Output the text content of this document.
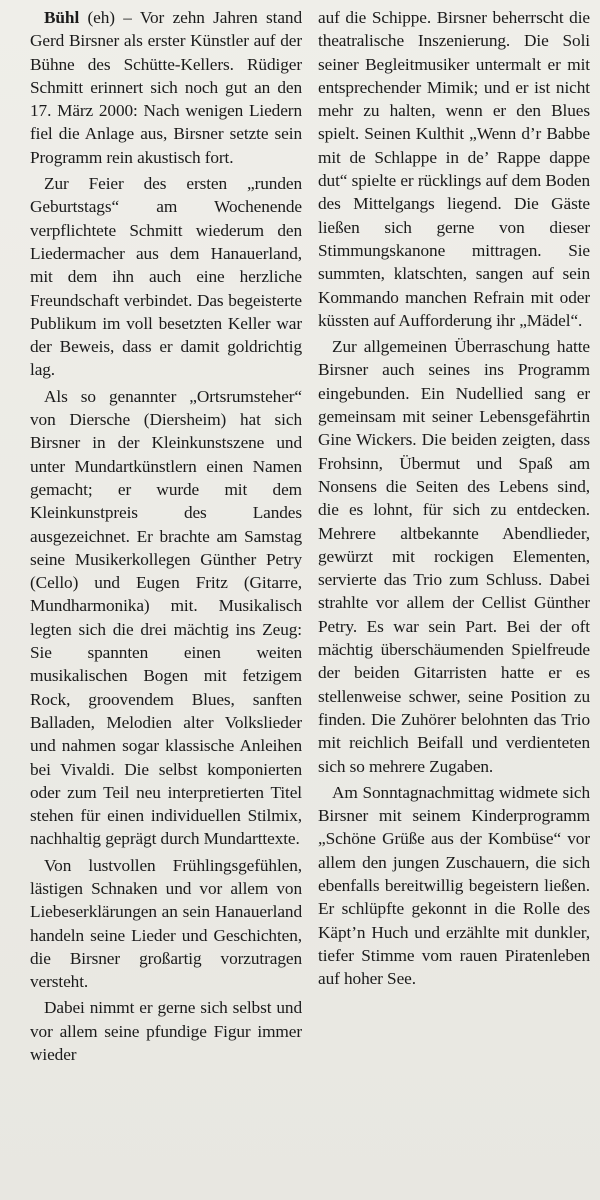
Bühl (eh) – Vor zehn Jahren stand Gerd Birsner als erster Künstler auf der Bühne des Schütte-Kellers. Rüdiger Schmitt erinnert sich noch gut an den 17. März 2000: Nach wenigen Liedern fiel die Anlage aus, Birsner setzte sein Programm rein akustisch fort.

Zur Feier des ersten „runden Geburtstags“ am Wochenende verpflichtete Schmitt wiederum den Liedermacher aus dem Hanauerland, mit dem ihn auch eine herzliche Freundschaft verbindet. Das begeisterte Publikum im voll besetzten Keller war der Beweis, dass er damit goldrichtig lag.

Als so genannter „Ortsrumsteher“ von Diersche (Diersheim) hat sich Birsner in der Kleinkunstszene und unter Mundartkünstlern einen Namen gemacht; er wurde mit dem Kleinkunstpreis des Landes ausgezeichnet. Er brachte am Samstag seine Musikerkollegen Günther Petry (Cello) und Eugen Fritz (Gitarre, Mundharmonika) mit. Musikalisch legten sich die drei mächtig ins Zeug: Sie spannten einen weiten musikalischen Bogen mit fetzigem Rock, groovendem Blues, sanften Balladen, Melodien alter Volkslieder und nahmen sogar klassische Anleihen bei Vivaldi. Die selbst komponierten oder zum Teil neu interpretierten Titel stehen für einen individuellen Stilmix, nachhaltig geprägt durch Mundarttexte.

Von lustvollen Frühlingsgefühlen, lästigen Schnaken und vor allem von Liebeserklärungen an sein Hanauerland handeln seine Lieder und Geschichten, die Birsner großartig vorzutragen versteht.

Dabei nimmt er gerne sich selbst und vor allem seine pfundige Figur immer wieder

auf die Schippe. Birsner beherrscht die theatralische Inszenierung. Die Soli seiner Begleitmusiker untermalt er mit entsprechender Mimik; und er ist nicht mehr zu halten, wenn er den Blues spielt. Seinen Kulthit „Wenn d’r Babbe mit de Schlappe in de’ Rappe dappe dut“ spielte er rücklings auf dem Boden des Mittelgangs liegend. Die Gäste ließen sich gerne von dieser Stimmungskanone mittragen. Sie summten, klatschten, sangen auf sein Kommando manchen Refrain mit oder küssten auf Aufforderung ihr „Mädel“.

Zur allgemeinen Überraschung hatte Birsner auch seines ins Programm eingebunden. Ein Nudellied sang er gemeinsam mit seiner Lebensgefährtin Gine Wickers. Die beiden zeigten, dass Frohsinn, Übermut und Spaß am Nonsens die Seiten des Lebens sind, die es lohnt, für sich zu entdecken. Mehrere altbekannte Abendlieder, gewürzt mit rockigen Elementen, servierte das Trio zum Schluss. Dabei strahlte vor allem der Cellist Günther Petry. Es war sein Part. Bei der oft mächtig überschäumenden Spielfreude der beiden Gitarristen hatte er es stellenweise schwer, seine Position zu finden. Die Zuhörer belohnten das Trio mit reichlich Beifall und verdienteten sich so mehrere Zugaben.

Am Sonntagnachmittag widmete sich Birsner mit seinem Kinderprogramm „Schöne Grüße aus der Kombüse“ vor allem den jungen Zuschauern, die sich ebenfalls bereitwillig begeistern ließen. Er schlüpfte gekonnt in die Rolle des Käpt’n Huch und erzählte mit dunkler, tiefer Stimme vom rauen Piratenleben auf hoher See.
